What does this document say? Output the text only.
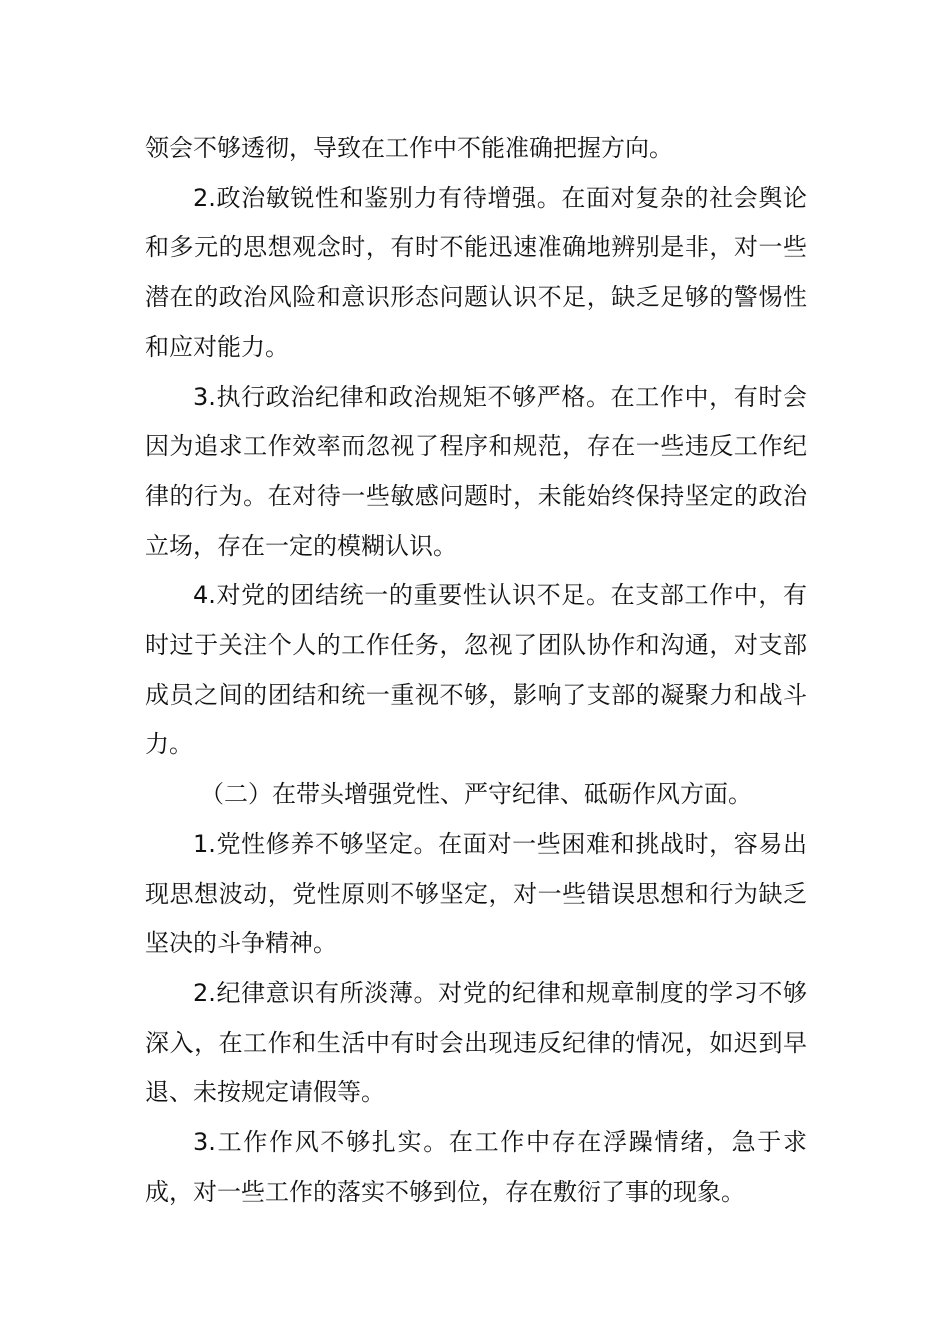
领会不够透彻，导致在工作中不能准确把握方向。

2.政治敏锐性和鉴别力有待增强。在面对复杂的社会舆论和多元的思想观念时，有时不能迅速准确地辨别是非，对一些潜在的政治风险和意识形态问题认识不足，缺乏足够的警惕性和应对能力。

3.执行政治纪律和政治规矩不够严格。在工作中，有时会因为追求工作效率而忽视了程序和规范，存在一些违反工作纪律的行为。在对待一些敏感问题时，未能始终保持坚定的政治立场，存在一定的模糊认识。

4.对党的团结统一的重要性认识不足。在支部工作中，有时过于关注个人的工作任务，忽视了团队协作和沟通，对支部成员之间的团结和统一重视不够，影响了支部的凝聚力和战斗力。

（二）在带头增强党性、严守纪律、砥砺作风方面。

1.党性修养不够坚定。在面对一些困难和挑战时，容易出现思想波动，党性原则不够坚定，对一些错误思想和行为缺乏坚决的斗争精神。

2.纪律意识有所淡薄。对党的纪律和规章制度的学习不够深入，在工作和生活中有时会出现违反纪律的情况，如迟到早退、未按规定请假等。

3.工作作风不够扎实。在工作中存在浮躁情绪，急于求成，对一些工作的落实不够到位，存在敷衍了事的现象。
